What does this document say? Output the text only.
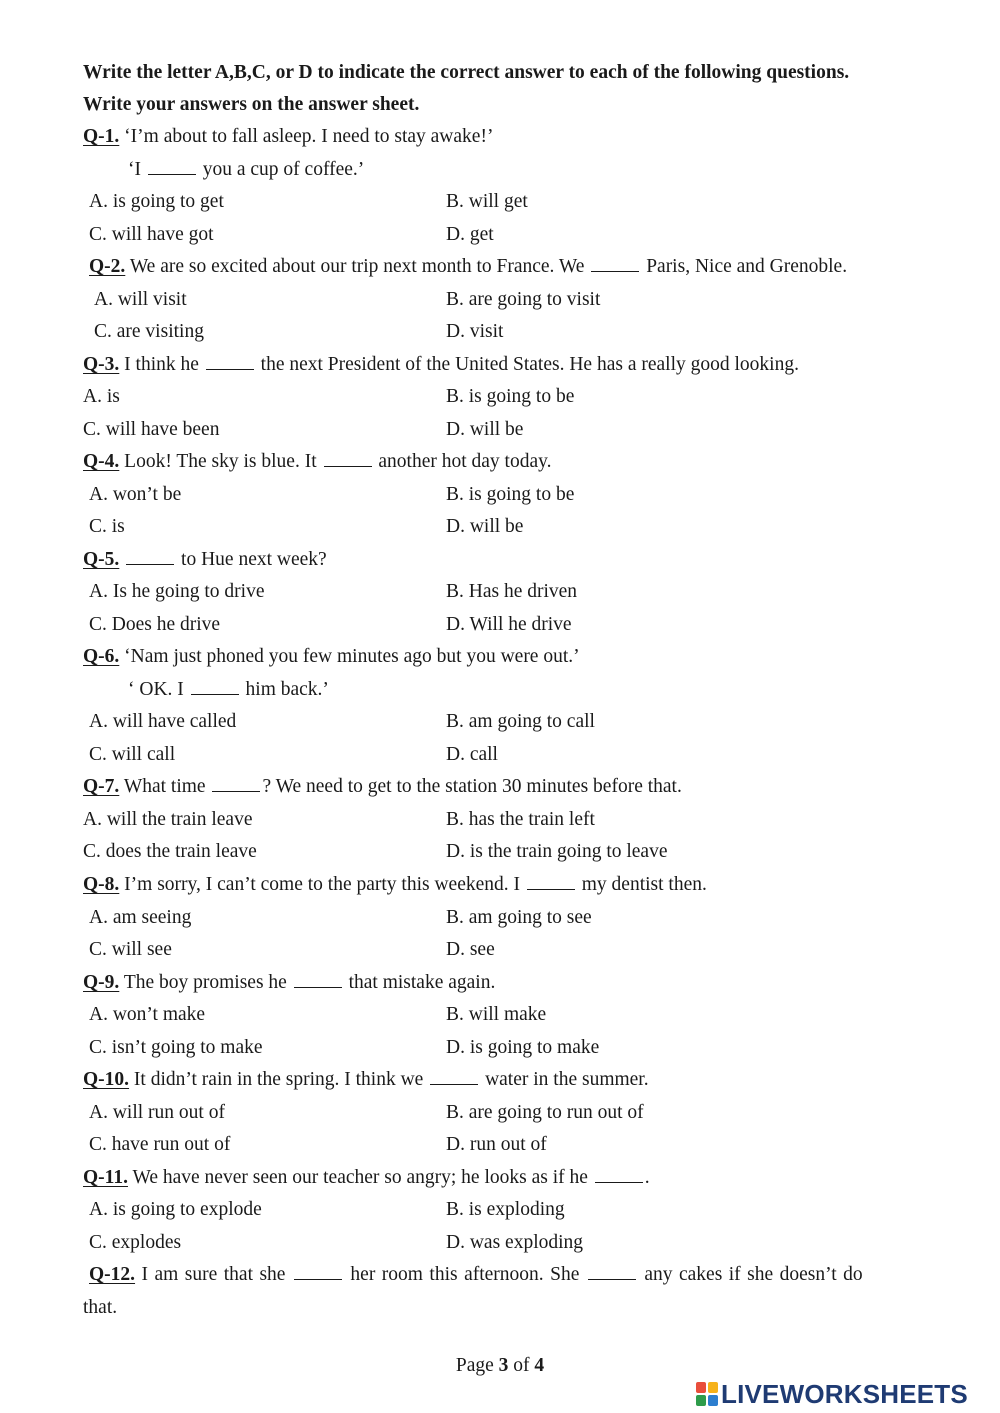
Write the letter A,B,C, or D to indicate the correct answer to each of the following questions.
Write your answers on the answer sheet.
Q-1. ‘I’m about to fall asleep. I need to stay awake!’
‘I	you a cup of coffee.’
A. is going to get	B. will get
C. will have got	D. get
Q-2. We are so excited about our trip next month to France. We	Paris, Nice and Grenoble.
A. will visit	B. are going to visit
C. are visiting	D. visit
Q-3. I think he	the next President of the United States. He has a really good looking.
A. is	B. is going to be
C. will have been	D. will be
Q-4. Look! The sky is blue. It	another hot day today.
A. won’t be	B. is going to be
C. is	D. will be
Q-5.	to Hue next week?
A. Is he going to drive	B. Has he driven
C. Does he drive	D. Will he drive
Q-6. ‘Nam just phoned you few minutes ago but you were out.’
‘ OK. I	him back.’
A. will have called	B. am going to call
C. will call	D. call
Q-7. What time	? We need to get to the station 30 minutes before that.
A. will the train leave	B. has the train left
C. does the train leave	D. is the train going to leave
Q-8. I’m sorry, I can’t come to the party this weekend. I	my dentist then.
A. am seeing	B. am going to see
C. will see	D. see
Q-9. The boy promises he	that mistake again.
A. won’t make	B. will make
C. isn’t going to make	D. is going to make
Q-10. It didn’t rain in the spring. I think we	water in the summer.
A. will run out of	B. are going to run out of
C. have run out of	D. run out of
Q-11. We have never seen our teacher so angry; he looks as if he	.
A. is going to explode	B. is exploding
C. explodes	D. was exploding
Q-12. I am sure that she	her room this afternoon. She	any cakes if she doesn’t do
that.
Page 3 of 4
LIVEWORKSHEETS
